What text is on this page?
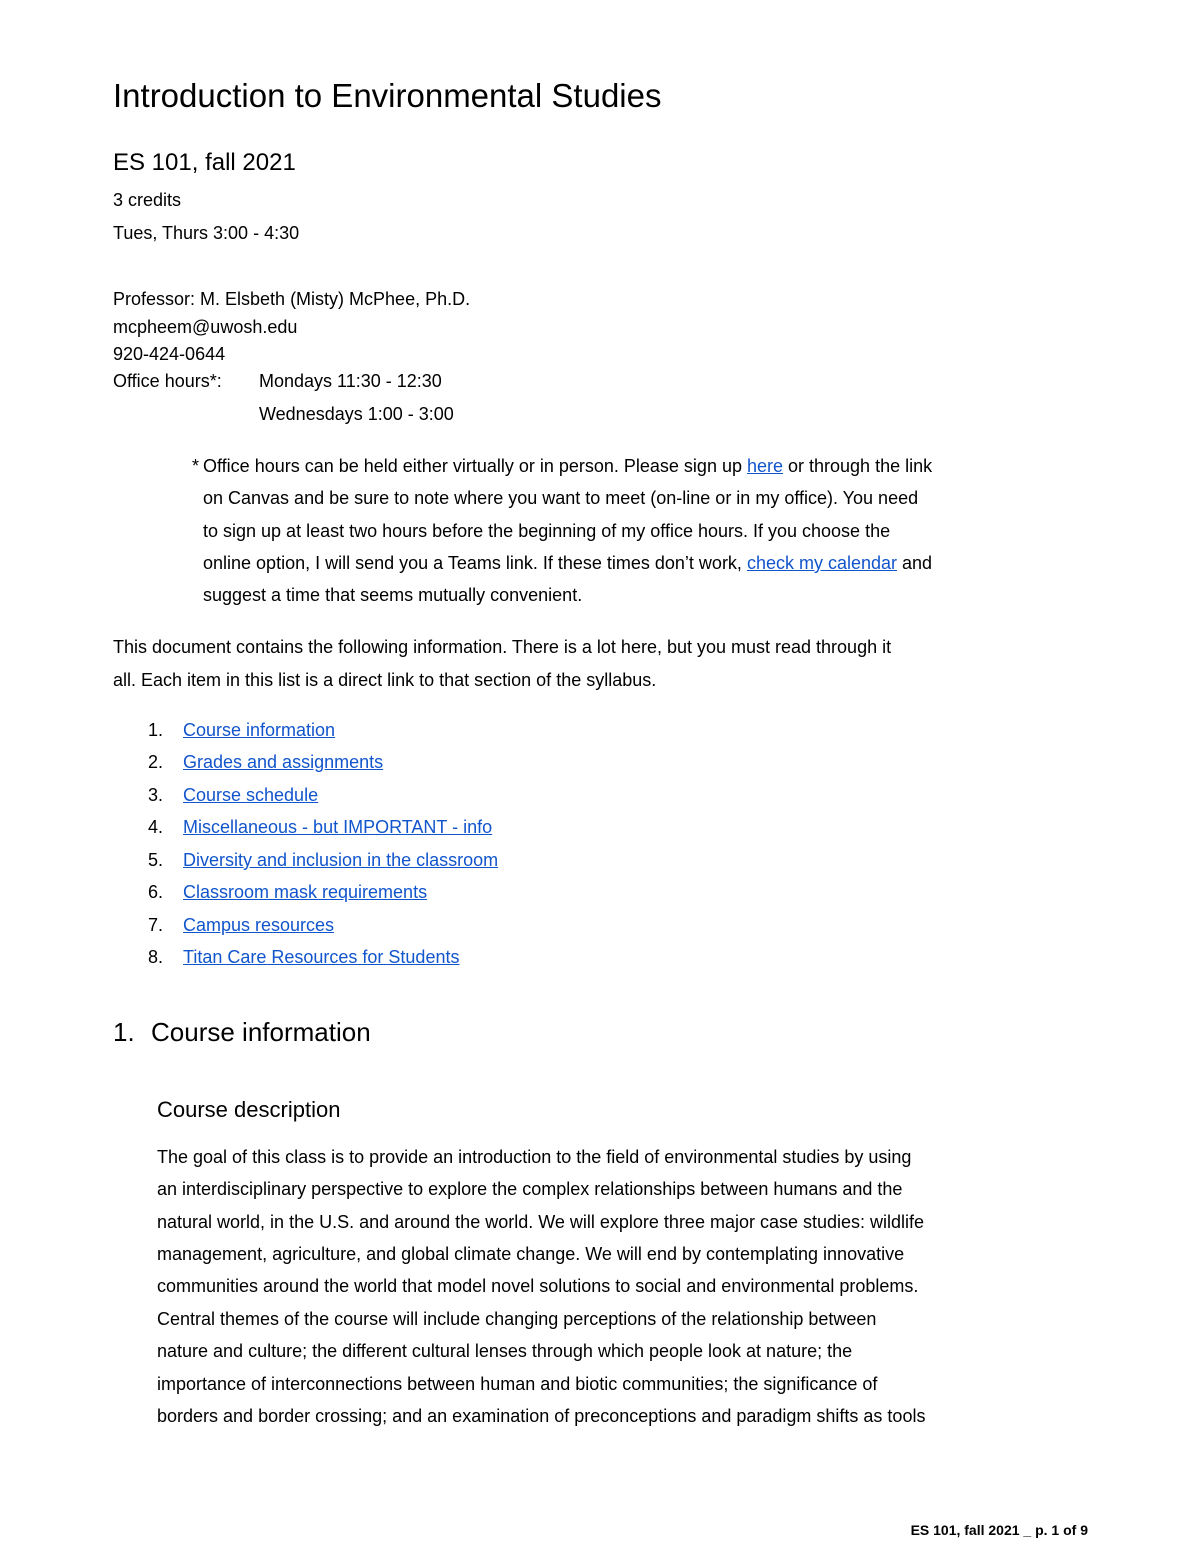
Introduction to Environmental Studies
ES 101, fall 2021
3 credits
Tues, Thurs 3:00 - 4:30
Professor: M. Elsbeth (Misty) McPhee, Ph.D.
mcpheem@uwosh.edu
920-424-0644
Office hours*: Mondays 11:30 - 12:30
Wednesdays 1:00 - 3:00
* Office hours can be held either virtually or in person. Please sign up here or through the link
on Canvas and be sure to note where you want to meet (on-line or in my office). You need
to sign up at least two hours before the beginning of my office hours. If you choose the
online option, I will send you a Teams link. If these times don’t work, check my calendar and
suggest a time that seems mutually convenient.
This document contains the following information. There is a lot here, but you must read through it
all. Each item in this list is a direct link to that section of the syllabus.
1. Course information
2. Grades and assignments
3. Course schedule
4. Miscellaneous - but IMPORTANT - info
5. Diversity and inclusion in the classroom
6. Classroom mask requirements
7. Campus resources
8. Titan Care Resources for Students
1. Course information
Course description
The goal of this class is to provide an introduction to the field of environmental studies by using
an interdisciplinary perspective to explore the complex relationships between humans and the
natural world, in the U.S. and around the world. We will explore three major case studies: wildlife
management, agriculture, and global climate change. We will end by contemplating innovative
communities around the world that model novel solutions to social and environmental problems.
Central themes of the course will include changing perceptions of the relationship between
nature and culture; the different cultural lenses through which people look at nature; the
importance of interconnections between human and biotic communities; the significance of
borders and border crossing; and an examination of preconceptions and paradigm shifts as tools
ES 101, fall 2021 _ p. 1 of 9
